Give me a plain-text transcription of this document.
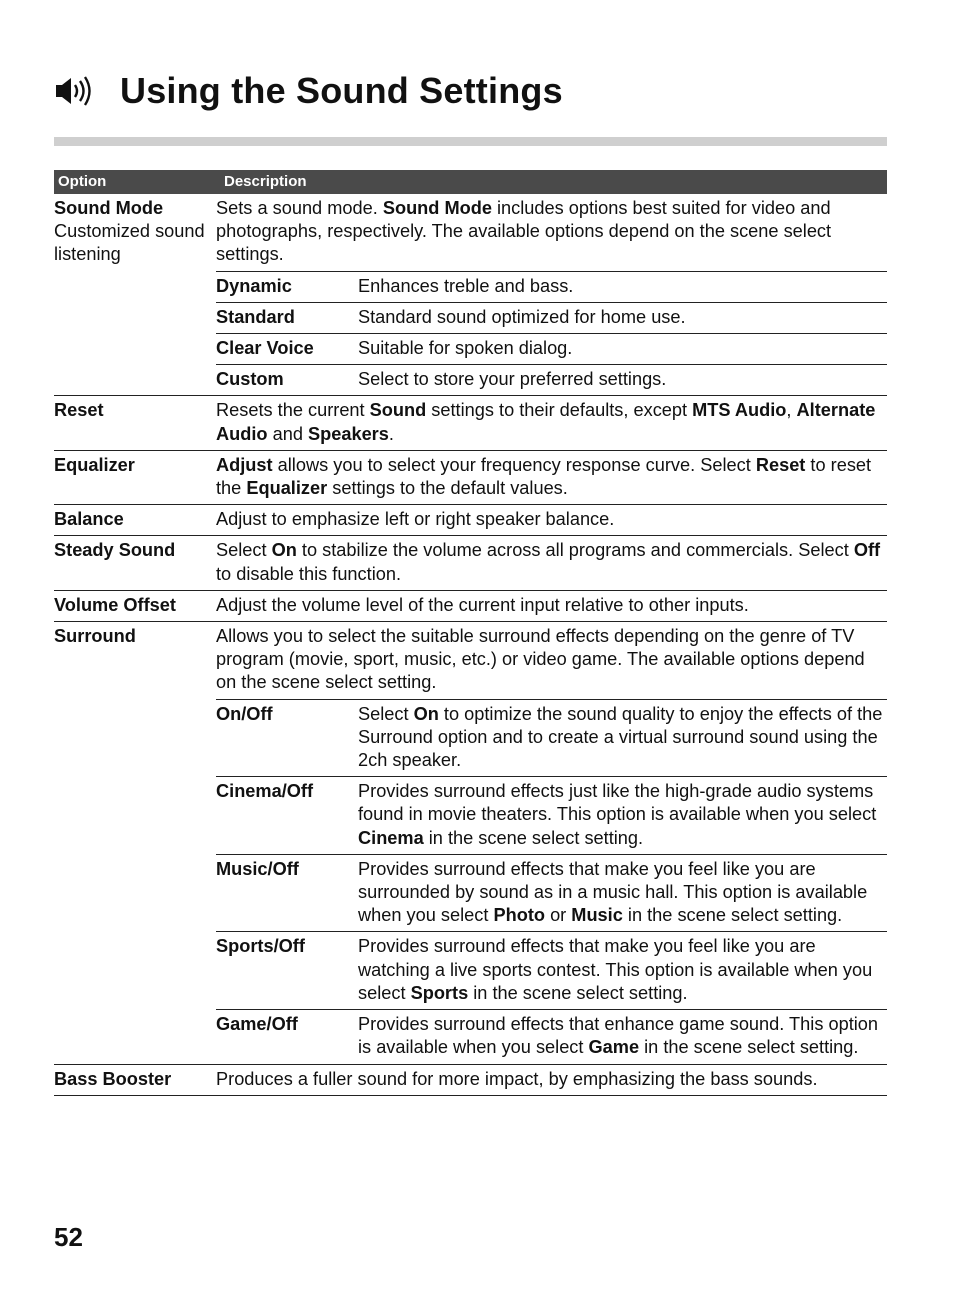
Using the Sound Settings
Option	Description

Sound Mode
Customized sound listening

Sets a sound mode. Sound Mode includes options best suited for video and photographs, respectively. The available options depend on the scene select settings.
Dynamic	Enhances treble and bass.
Standard	Standard sound optimized for home use.
Clear Voice	Suitable for spoken dialog.
Custom	Select to store your preferred settings.

Reset	Resets the current Sound settings to their defaults, except MTS Audio, Alternate Audio and Speakers.
Equalizer	Adjust allows you to select your frequency response curve. Select Reset to reset the Equalizer settings to the default values.
Balance	Adjust to emphasize left or right speaker balance.
Steady Sound	Select On to stabilize the volume across all programs and commercials. Select Off to disable this function.
Volume Offset	Adjust the volume level of the current input relative to other inputs.
Surround	Allows you to select the suitable surround effects depending on the genre of TV program (movie, sport, music, etc.) or video game. The available options depend on the scene select setting.
On/Off	Select On to optimize the sound quality to enjoy the effects of the Surround option and to create a virtual surround sound using the 2ch speaker.
Cinema/Off	Provides surround effects just like the high-grade audio systems found in movie theaters. This option is available when you select Cinema in the scene select setting.
Music/Off	Provides surround effects that make you feel like you are surrounded by sound as in a music hall. This option is available when you select Photo or Music in the scene select setting.
Sports/Off	Provides surround effects that make you feel like you are watching a live sports contest. This option is available when you select Sports in the scene select setting.
Game/Off	Provides surround effects that enhance game sound. This option is available when you select Game in the scene select setting.

Bass Booster	Produces a fuller sound for more impact, by emphasizing the bass sounds.
52
